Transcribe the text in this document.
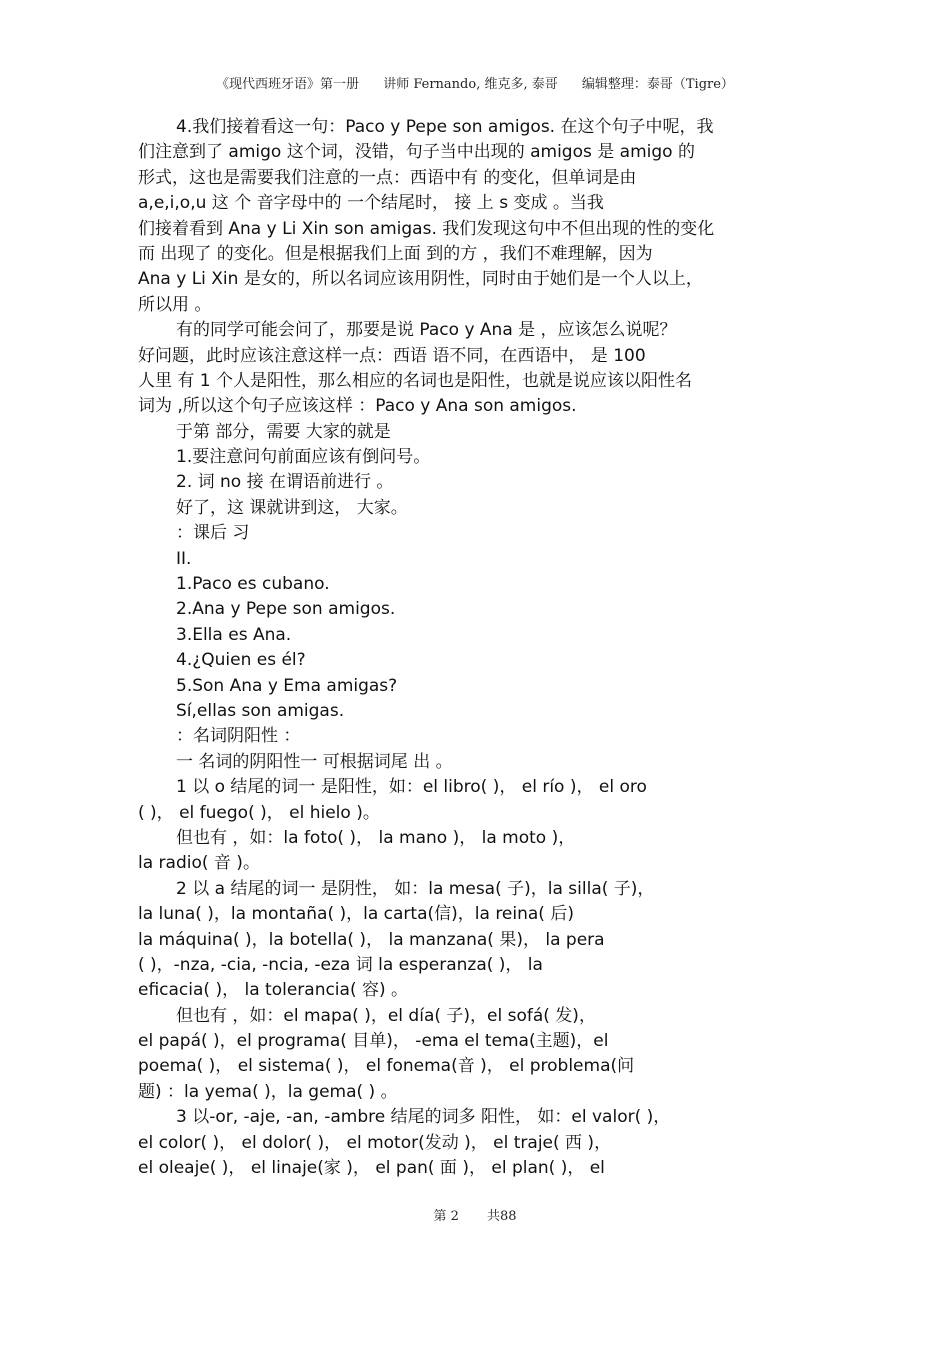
《现代西班牙语》第一册 讲师 Fernando, 维克多, 泰哥 编辑整理：泰哥（Tigre）
4.我们接着看这一句：Paco y Pepe son amigos. 在这个句子中呢，我
们注意到了 amigo 这个词，没错，句子当中出现的 amigos 是 amigo 的
形式，这也是需要我们注意的一点：西语中有 的变化，但单词是由
a,e,i,o,u 这 个 音字母中的 一个结尾时， 接 上 s 变成 。当我
们接着看到 Ana y Li Xin son amigas. 我们发现这句中不但出现的性的变化
而 出现了 的变化。但是根据我们上面 到的方 ，我们不难理解，因为
Ana y Li Xin 是女的，所以名词应该用阴性，同时由于她们是一个人以上，
所以用 。
有的同学可能会问了，那要是说 Paco y Ana 是 ，应该怎么说呢？
好问题，此时应该注意这样一点：西语 语不同，在西语中， 是 100
人里 有 1 个人是阳性，那么相应的名词也是阳性，也就是说应该以阳性名
词为 ,所以这个句子应该这样 ：Paco y Ana son amigos.
于第 部分，需要 大家的就是
1.要注意问句前面应该有倒问号。
2. 词 no 接 在谓语前进行 。
好了，这 课就讲到这， 大家。
：课后 习
II.
1.Paco es cubano.
2.Ana y Pepe son amigos.
3.Ella es Ana.
4.¿Quien es él?
5.Son Ana y Ema amigas?
Sí,ellas son amigas.
：名词阴阳性 ：
一 名词的阴阳性一 可根据词尾 出 。
1 以 o 结尾的词一 是阳性，如：el libro( )， el río )， el oro
( )， el fuego( )， el hielo )。
但也有 ，如：la foto( )， la mano )， la moto )，
la radio( 音 )。
2 以 a 结尾的词一 是阴性， 如：la mesa( 子)，la silla( 子)，
la luna( )，la montaña( )，la carta(信)，la reina( 后)
la máquina( )，la botella( )， la manzana( 果)， la pera
( )，-nza, -cia, -ncia, -eza 词 la esperanza( )， la
eficacia( )， la tolerancia( 容) 。
但也有 ，如：el mapa( )，el día( 子)，el sofá( 发)，
el papá( )，el programa( 目单)， -ema el tema(主题)，el
poema( )， el sistema( )， el fonema(音 )， el problema(问
题) ：la yema( )，la gema( ) 。
3 以-or, -aje, -an, -ambre 结尾的词多 阳性， 如：el valor( )，
el color( )， el dolor( )， el motor(发动 )， el traje( 西 )，
el oleaje( )， el linaje(家 )， el pan( 面 )， el plan( )， el
第 2 共88
